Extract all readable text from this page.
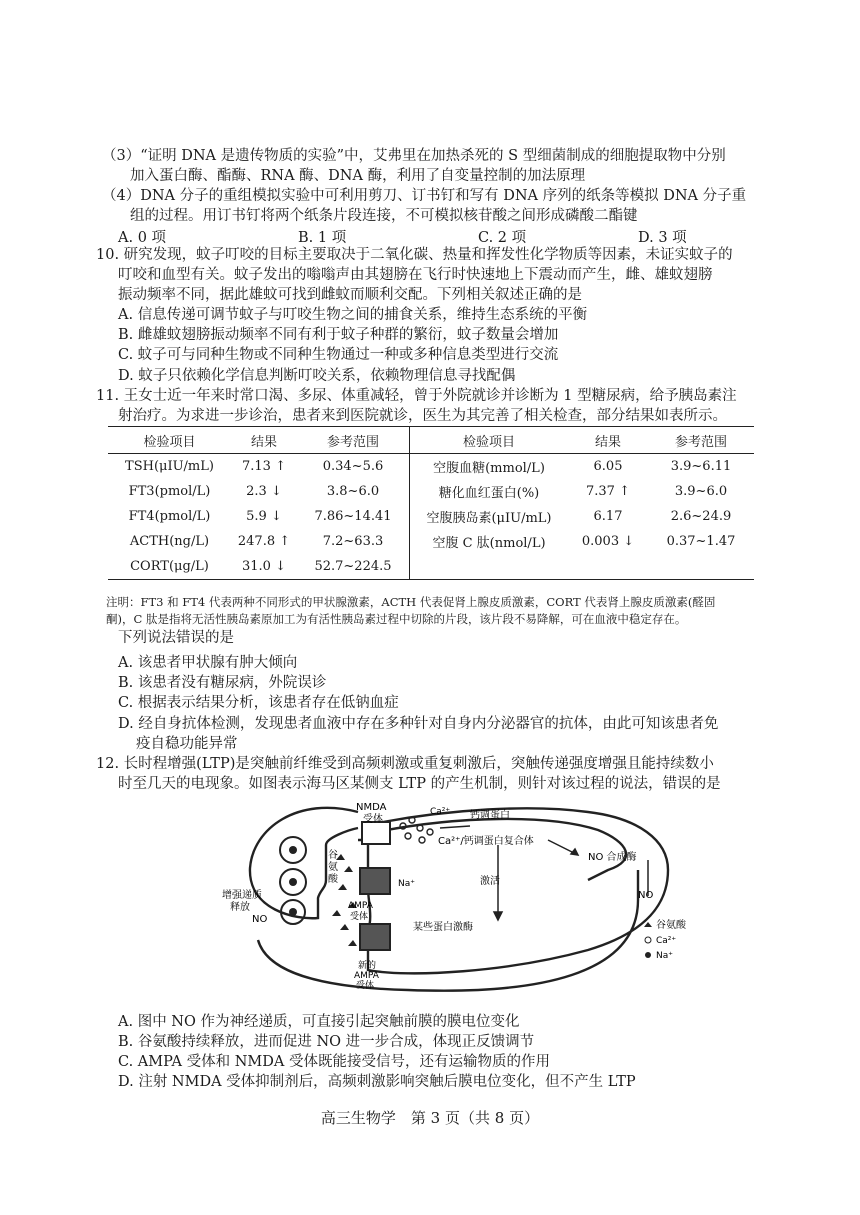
（3）“证明 DNA 是遗传物质的实验”中，艾弗里在加热杀死的 S 型细菌制成的细胞提取物中分别
加入蛋白酶、酯酶、RNA 酶、DNA 酶，利用了自变量控制的加法原理
（4）DNA 分子的重组模拟实验中可利用剪刀、订书钉和写有 DNA 序列的纸条等模拟 DNA 分子重
组的过程。用订书钉将两个纸条片段连接，不可模拟核苷酸之间形成磷酸二酯键
A. 0 项	B. 1 项	C. 2 项	D. 3 项
10. 研究发现，蚊子叮咬的目标主要取决于二氧化碳、热量和挥发性化学物质等因素，未证实蚊子的
叮咬和血型有关。蚊子发出的嗡嗡声由其翅膀在飞行时快速地上下震动而产生，雌、雄蚊翅膀
振动频率不同，据此雄蚊可找到雌蚊而顺利交配。下列相关叙述正确的是
A. 信息传递可调节蚊子与叮咬生物之间的捕食关系，维持生态系统的平衡
B. 雌雄蚊翅膀振动频率不同有利于蚊子种群的繁衍，蚊子数量会增加
C. 蚊子可与同种生物或不同种生物通过一种或多种信息类型进行交流
D. 蚊子只依赖化学信息判断叮咬关系，依赖物理信息寻找配偶
11. 王女士近一年来时常口渴、多尿、体重减轻，曾于外院就诊并诊断为 1 型糖尿病，给予胰岛素注
射治疗。为求进一步诊治，患者来到医院就诊，医生为其完善了相关检查，部分结果如表所示。
检验项目	结果	参考范围	检验项目	结果	参考范围
TSH(μIU/mL)	7.13 ↑	0.34~5.6	空腹血糖(mmol/L)	6.05	3.9~6.11
FT3(pmol/L)	2.3 ↓	3.8~6.0	糖化血红蛋白(%)	7.37 ↑	3.9~6.0
FT4(pmol/L)	5.9 ↓	7.86~14.41	空腹胰岛素(μIU/mL)	6.17	2.6~24.9
ACTH(ng/L)	247.8 ↑	7.2~63.3	空腹 C 肽(nmol/L)	0.003 ↓	0.37~1.47
CORT(μg/L)	31.0 ↓	52.7~224.5			
注明：FT3 和 FT4 代表两种不同形式的甲状腺激素，ACTH 代表促肾上腺皮质激素，CORT 代表肾上腺皮质激素(醛固
酮)，C 肽是指将无活性胰岛素原加工为有活性胰岛素过程中切除的片段，该片段不易降解，可在血液中稳定存在。
下列说法错误的是
A. 该患者甲状腺有肿大倾向
B. 该患者没有糖尿病，外院误诊
C. 根据表示结果分析，该患者存在低钠血症
D. 经自身抗体检测，发现患者血液中存在多种针对自身内分泌器官的抗体，由此可知该患者免
疫自稳功能异常
12. 长时程增强(LTP)是突触前纤维受到高频刺激或重复刺激后，突触传递强度增强且能持续数小
时至几天的电现象。如图表示海马区某侧支 LTP 的产生机制，则针对该过程的说法，错误的是
NMDA
受体
Ca²⁺ 钙调蛋白
Ca²⁺/钙调蛋白复合体
NO 合成酶
谷
氨
酸	Na⁺	激活
NO
增强递质
释放
NO
AMPA
受体
某些蛋白激酶
新的
AMPA
受体
谷氨酸
Ca²⁺
Na⁺
A. 图中 NO 作为神经递质，可直接引起突触前膜的膜电位变化
B. 谷氨酸持续释放，进而促进 NO 进一步合成，体现正反馈调节
C. AMPA 受体和 NMDA 受体既能接受信号，还有运输物质的作用
D. 注射 NMDA 受体抑制剂后，高频刺激影响突触后膜电位变化，但不产生 LTP
高三生物学　第 3 页（共 8 页）
